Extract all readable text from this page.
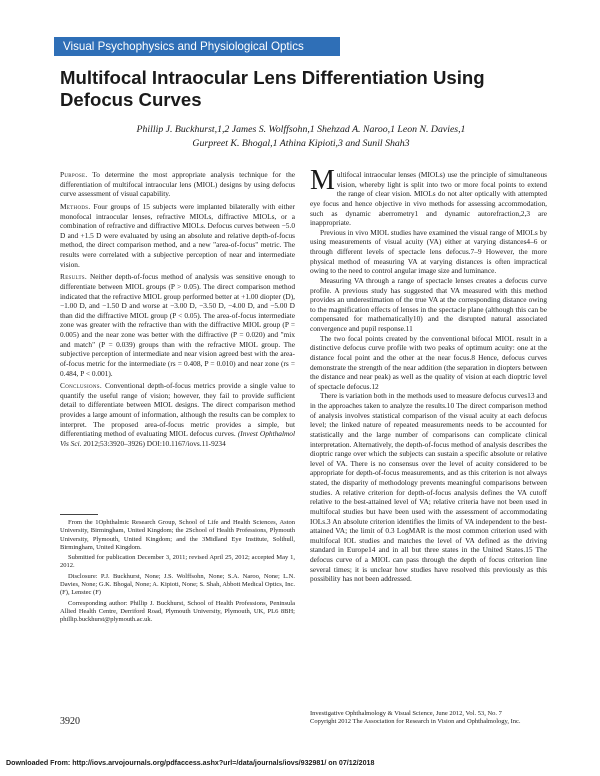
Visual Psychophysics and Physiological Optics
Multifocal Intraocular Lens Differentiation Using Defocus Curves
Phillip J. Buckhurst,1,2 James S. Wolffsohn,1 Shehzad A. Naroo,1 Leon N. Davies,1
Gurpreet K. Bhogal,1 Athina Kipioti,3 and Sunil Shah3

Purpose. To determine the most appropriate analysis technique for the differentiation of multifocal intraocular lens (MIOL) designs by using defocus curve assessment of visual capability.

Methods. Four groups of 15 subjects were implanted bilaterally with either monofocal intraocular lenses, refractive MIOLs, diffractive MIOLs, or a combination of refractive and diffractive MIOLs. Defocus curves between −5.0 D and +1.5 D were evaluated by using an absolute and relative depth-of-focus method, the direct comparison method, and a new "area-of-focus" metric. The results were correlated with a subjective perception of near and intermediate vision.

Results. Neither depth-of-focus method of analysis was sensitive enough to differentiate between MIOL groups (P > 0.05). The direct comparison method indicated that the refractive MIOL group performed better at +1.00 diopter (D), −1.00 D, and −1.50 D and worse at −3.00 D, −3.50 D, −4.00 D, and −5.00 D than did the diffractive MIOL group (P < 0.05). The area-of-focus intermediate zone was greater with the refractive than with the diffractive MIOL group (P = 0.005) and the near zone was better with the diffractive (P = 0.020) and "mix and match" (P = 0.039) groups than with the refractive MIOL group. The subjective perception of intermediate and near vision agreed best with the area-of-focus metric for the intermediate (rs = 0.408, P = 0.010) and near zone (rs = 0.484, P < 0.001).

Conclusions. Conventional depth-of-focus metrics provide a single value to quantify the useful range of vision; however, they fail to provide sufficient detail to differentiate between MIOL designs. The direct comparison method provides a large amount of information, although the results can be complex to interpret. The proposed area-of-focus metric provides a simple, but differentiating method of evaluating MIOL defocus curves. (Invest Ophthalmol Vis Sci. 2012;53:3920–3926) DOI:10.1167/iovs.11-9234

From the 1Ophthalmic Research Group, School of Life and Health Sciences, Aston University, Birmingham, United Kingdom; the 2School of Health Professions, Plymouth University, Plymouth, United Kingdom; and the 3Midland Eye Institute, Solihull, Birmingham, United Kingdom.

Submitted for publication December 3, 2011; revised April 25, 2012; accepted May 1, 2012.

Disclosure: P.J. Buckhurst, None; J.S. Wolffsohn, None; S.A. Naroo, None; L.N. Davies, None; G.K. Bhogal, None; A. Kipioti, None; S. Shah, Abbott Medical Optics, Inc. (F), Lenstec (F)

Corresponding author: Phillip J. Buckhurst, School of Health Professions, Peninsula Allied Health Centre, Derriford Road, Plymouth University, Plymouth, UK, PL6 8BH; phillip.buckhurst@plymouth.ac.uk.

Multifocal intraocular lenses (MIOLs) use the principle of simultaneous vision, whereby light is split into two or more focal points to extend the range of clear vision. MIOLs do not alter optically with attempted eye focus and hence objective in vivo methods for assessing accommodation, such as dynamic aberrometry1 and dynamic autorefraction,2,3 are inappropriate.

Previous in vivo MIOL studies have examined the visual range of MIOLs by using measurements of visual acuity (VA) either at varying distances4–6 or through different levels of spectacle lens defocus.7–9 However, the more physical method of measuring VA at varying distances is often impractical owing to the need to control angular image size and luminance.

Measuring VA through a range of spectacle lenses creates a defocus curve profile. A previous study has suggested that VA measured with this method provides an underestimation of the true VA at the corresponding distance owing to the magnification effects of lenses in the spectacle plane (although this can be compensated for mathematically10) and the disrupted natural associated convergence and pupil response.11

The two focal points created by the conventional bifocal MIOL result in a distinctive defocus curve profile with two peaks of optimum acuity: one at the distance focal point and the other at the near focus.8 Hence, defocus curves demonstrate the strength of the near addition (the separation in diopters between the distance and near peak) as well as the quality of vision at each dioptric level of spectacle defocus.12

There is variation both in the methods used to measure defocus curves13 and in the approaches taken to analyze the results.10 The direct comparison method of analysis involves statistical comparison of the visual acuity at each defocus level; the linked nature of repeated measurements needs to be accounted for statistically and the large number of comparisons can complicate clinical interpretation. Alternatively, the depth-of-focus method of analysis describes the dioptric range over which the subjects can sustain a specific absolute or relative level of VA. There is no consensus over the level of acuity considered to be appropriate for depth-of-focus measurements, and as this criterion is not always stated, the disparity of methodology prevents meaningful comparisons between studies. A relative criterion for depth-of-focus analysis defines the VA cutoff relative to the best-attained level of VA; relative criteria have not been used in multifocal studies but have been used with the assessment of accommodating IOLs.3 An absolute criterion identifies the limits of VA independent to the best-attained VA; the limit of 0.3 LogMAR is the most common criterion used with multifocal IOL studies and matches the level of VA defined as the driving standard in Europe14 and in all but three states in the United States.15 The defocus curve of a MIOL can pass through the depth of focus criterion line several times; it is unclear how studies have resolved this previously as this possibility has not been addressed.

3920
Investigative Ophthalmology & Visual Science, June 2012, Vol. 53, No. 7
Copyright 2012 The Association for Research in Vision and Ophthalmology, Inc.
Downloaded From: http://iovs.arvojournals.org/pdfaccess.ashx?url=/data/journals/iovs/932981/ on 07/12/2018
